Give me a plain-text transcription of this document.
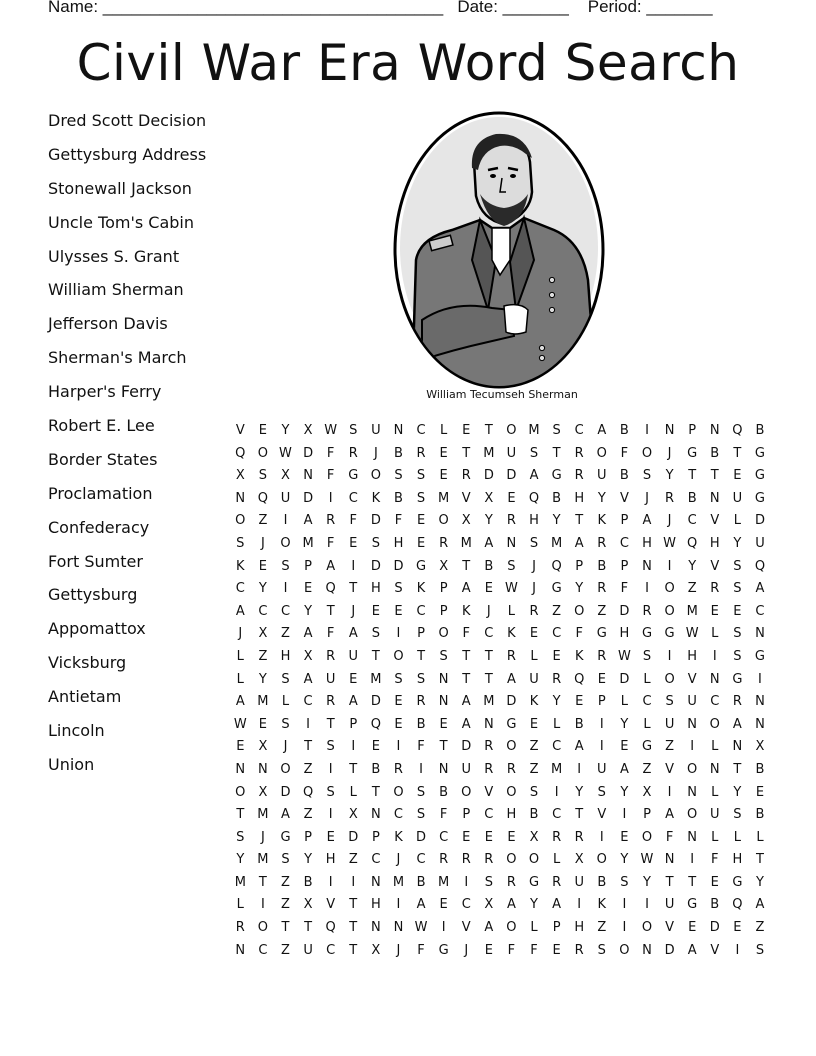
Name: ____________________________________   Date: _______    Period: _______
Civil War Era Word Search
Dred Scott Decision
Gettysburg Address
Stonewall Jackson
Uncle Tom's Cabin
Ulysses S. Grant
William Sherman
Jefferson Davis
Sherman's March
Harper's Ferry
Robert E. Lee
Border States
Proclamation
Confederacy
Fort Sumter
Gettysburg
Appomattox
Vicksburg
Antietam
Lincoln
Union
William Tecumseh Sherman
V	E	Y	X W S	U N	C	L	E	T	O M S	C	A	B	I	N	P	N Q	B
Q O W D	F	R	J	B	R	E	T	M U	S	T	R O	F	O	J	G	B	T	G
X	S	X	N	F	G O	S	S	E	R	D D	A	G	R	U	B	S	Y	T	T	E	G
N Q U D	I	C	K	B	S M V	X	E	Q	B	H	Y	V	J	R	B	N U G
O	Z	I	A	R	F	D	F	E	O	X	Y	R	H	Y	T	K	P	A	J	C	V	L	D
S	J	O M	F	E	S	H	E	R M A	N	S M A	R	C	H W Q H	Y	U
K	E	S	P	A	I	D D G	X	T	B	S	J	Q	P	B	P	N	I	Y	V	S	Q
C	Y	I	E	Q	T	H	S	K	P	A	E W	J	G	Y	R	F	I	O	Z	R	S	A
A	C	C	Y	T	J	E	E	C	P	K	J	L	R	Z	O	Z	D	R O M E	E	C
J	X	Z	A	F	A	S	I	P	O	F	C	K	E	C	F	G H G G W L	S	N
L	Z	H	X	R	U	T	O	T	S	T	T	R	L	E	K	R W S	I	H	I	S	G
L	Y	S	A	U	E M S	S	N	T	T	A	U	R Q	E	D	L	O	V	N G	I
A M	L	C	R	A	D	E	R	N	A M D	K	Y	E	P	L	C	S	U	C	R	N
W E	S	I	T	P	Q	E	B	E	A	N G	E	L	B	I	Y	L	U N O	A	N
E	X	J	T	S	I	E	I	F	T	D	R O	Z	C	A	I	E	G	Z	I	L	N	X
N N O	Z	I	T	B	R	I	N U	R	R	Z M	I	U	A	Z	V	O N	T	B
O	X	D Q	S	L	T	O	S	B	O	V	O	S	I	Y	S	Y	X	I	N	L	Y	E
T	M A	Z	I	X	N	C	S	F	P	C	H	B	C	T	V	I	P	A	O U	S	B
S	J	G	P	E	D	P	K	D	C	E	E	E	X	R	R	I	E	O	F	N	L	L	L
Y	M S	Y	H	Z	C	J	C	R	R	R O O	L	X	O	Y W N	I	F	H	T
M	T	Z	B	I	I	N M B M	I	S	R	G	R	U	B	S	Y	T	T	E	G	Y
L	I	Z	X	V	T	H	I	A	E	C	X	A	Y	A	I	K	I	I	U G	B	Q	A
R O	T	T	Q	T	N N W	I	V	A	O	L	P	H	Z	I	O	V	E	D	E	Z
N	C	Z	U	C	T	X	J	F	G	J	E	F	F	E	R	S	O N D	A	V	I	S
